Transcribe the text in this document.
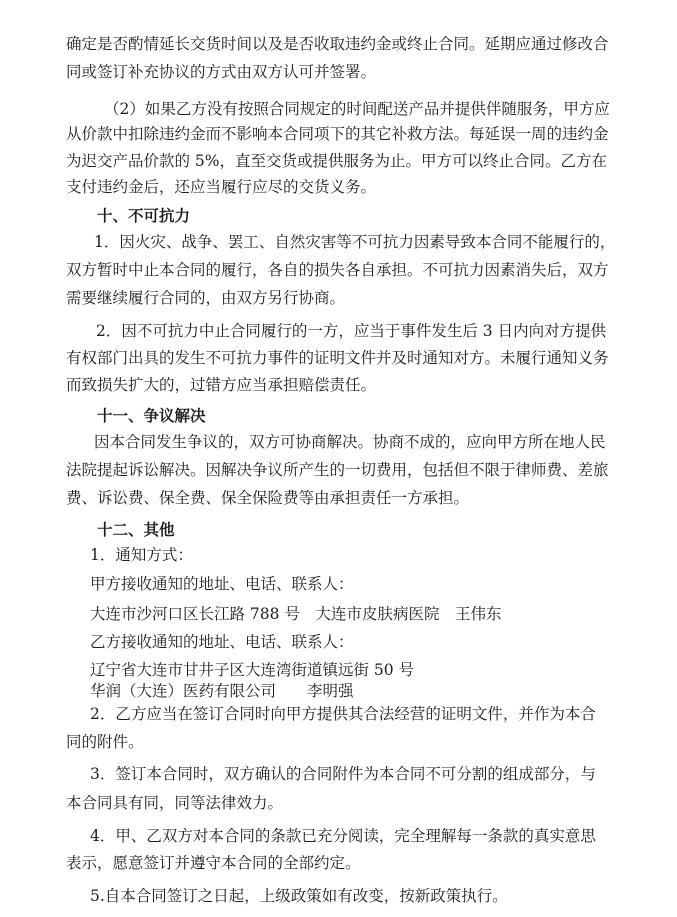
确定是否酌情延长交货时间以及是否收取违约金或终止合同。延期应通过修改合
同或签订补充协议的方式由双方认可并签署。
（2）如果乙方没有按照合同规定的时间配送产品并提供伴随服务，甲方应
从价款中扣除违约金而不影响本合同项下的其它补救方法。每延误一周的违约金
为迟交产品价款的 5%，直至交货或提供服务为止。甲方可以终止合同。乙方在
支付违约金后，还应当履行应尽的交货义务。
十、不可抗力
1．因火灾、战争、罢工、自然灾害等不可抗力因素导致本合同不能履行的，
双方暂时中止本合同的履行，各自的损失各自承担。不可抗力因素消失后，双方
需要继续履行合同的，由双方另行协商。
2．因不可抗力中止合同履行的一方，应当于事件发生后 3 日内向对方提供
有权部门出具的发生不可抗力事件的证明文件并及时通知对方。未履行通知义务
而致损失扩大的，过错方应当承担赔偿责任。
十一、争议解决
因本合同发生争议的，双方可协商解决。协商不成的，应向甲方所在地人民
法院提起诉讼解决。因解决争议所产生的一切费用，包括但不限于律师费、差旅
费、诉讼费、保全费、保全保险费等由承担责任一方承担。
十二、其他
1．通知方式：
甲方接收通知的地址、电话、联系人：
大连市沙河口区长江路 788 号　大连市皮肤病医院　王伟东
乙方接收通知的地址、电话、联系人：
辽宁省大连市甘井子区大连湾街道镇远街 50 号
华润（大连）医药有限公司　　李明强
2．乙方应当在签订合同时向甲方提供其合法经营的证明文件，并作为本合
同的附件。
3．签订本合同时，双方确认的合同附件为本合同不可分割的组成部分，与
本合同具有同，同等法律效力。
4．甲、乙双方对本合同的条款已充分阅读，完全理解每一条款的真实意思
表示，愿意签订并遵守本合同的全部约定。
5.自本合同签订之日起，上级政策如有改变，按新政策执行。
